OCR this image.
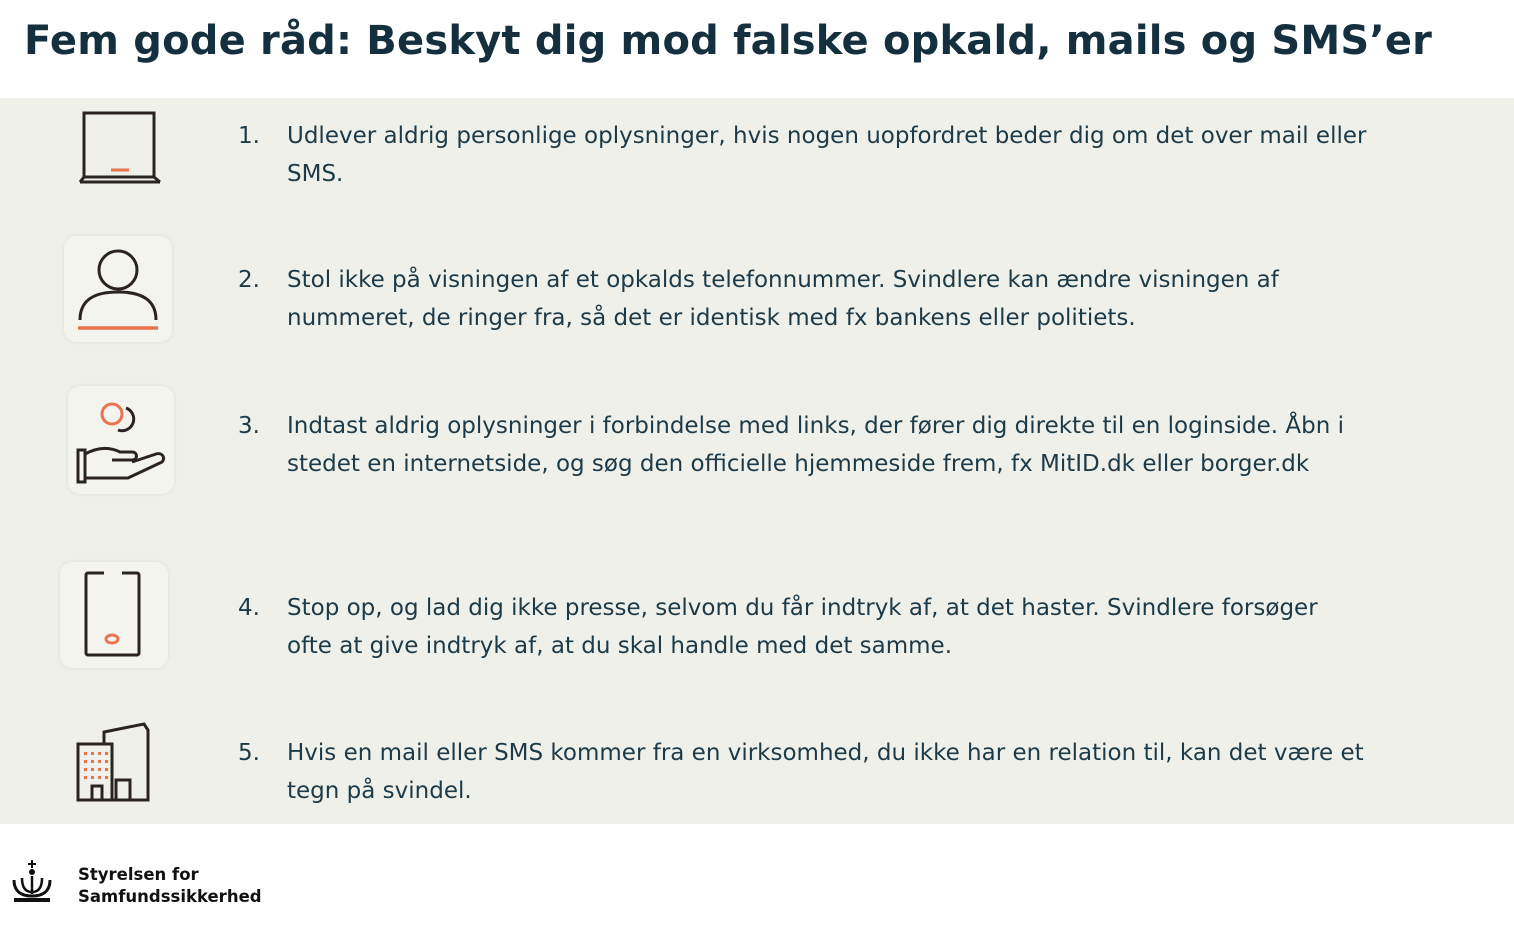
Fem gode råd: Beskyt dig mod falske opkald, mails og SMS’er
1. Udlever aldrig personlige oplysninger, hvis nogen uopfordret beder dig om det over mail eller SMS.
2. Stol ikke på visningen af et opkalds telefonnummer. Svindlere kan ændre visningen af nummeret, de ringer fra, så det er identisk med fx bankens eller politiets.
3. Indtast aldrig oplysninger i forbindelse med links, der fører dig direkte til en loginside. Åbn i stedet en internetside, og søg den officielle hjemmeside frem, fx MitID.dk eller borger.dk
4. Stop op, og lad dig ikke presse, selvom du får indtryk af, at det haster. Svindlere forsøger ofte at give indtryk af, at du skal handle med det samme.
5. Hvis en mail eller SMS kommer fra en virksomhed, du ikke har en relation til, kan det være et tegn på svindel.
Styrelsen for
Samfundssikkerhed
